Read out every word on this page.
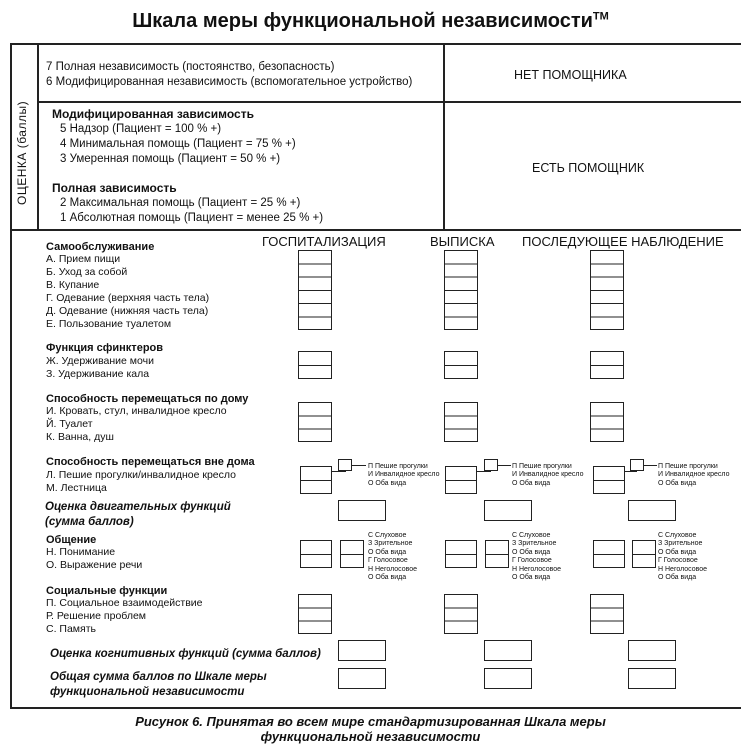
Шкала меры функциональной независимости™
ОЦЕНКА (баллы)
7 Полная независимость (постоянство, безопасность)
6 Модифицированная независимость (вспомогательное устройство)	НЕТ ПОМОЩНИКА
Модифицированная зависимость
5 Надзор (Пациент = 100 % +)
4 Минимальная помощь (Пациент = 75 % +)
3 Умеренная помощь (Пациент = 50 % +)
Полная зависимость
2 Максимальная помощь (Пациент = 25 % +)
1 Абсолютная помощь (Пациент = менее 25 % +)
ЕСТЬ ПОМОЩНИК
ГОСПИТАЛИЗАЦИЯ	ВЫПИСКА ПОСЛЕДУЮЩЕЕ НАБЛЮДЕНИЕ
Самообслуживание
А. Прием пищи
Б. Уход за собой
В. Купание
Г. Одевание (верхняя часть тела)
Д. Одевание (нижняя часть тела)
Е. Пользование туалетом
Функция сфинктеров
Ж. Удерживание мочи
З. Удерживание кала
Способность перемещаться по дому
И. Кровать, стул, инвалидное кресло
Й. Туалет
К. Ванна, душ
Способность перемещаться вне дома
Л. Пешие прогулки/инвалидное кресло
М. Лестница
Оценка двигательных функций
(сумма баллов)
Общение
Н. Понимание
О. Выражение речи
Социальные функции
П. Социальное взаимодействие
Р. Решение проблем
С. Память
Оценка когнитивных функций (сумма баллов)
Общая сумма баллов по Шкале меры
функциональной независимости
П Пешие прогулки
И Инвалидное кресло
О Оба вида
С Слуховое
З Зрительное
О Оба вида
Г Голосовое
Н Неголосовое
О Оба вида
П Пешие прогулки
И Инвалидное кресло
О Оба вида
С Слуховое
З Зрительное
О Оба вида
Г Голосовое
Н Неголосовое
О Оба вида
П Пешие прогулки
И Инвалидное кресло
О Оба вида
С Слуховое
З Зрительное
О Оба вида
Г Голосовое
Н Неголосовое
О Оба вида
Рисунок 6. Принятая во всем мире стандартизированная Шкала меры
функциональной независимости
